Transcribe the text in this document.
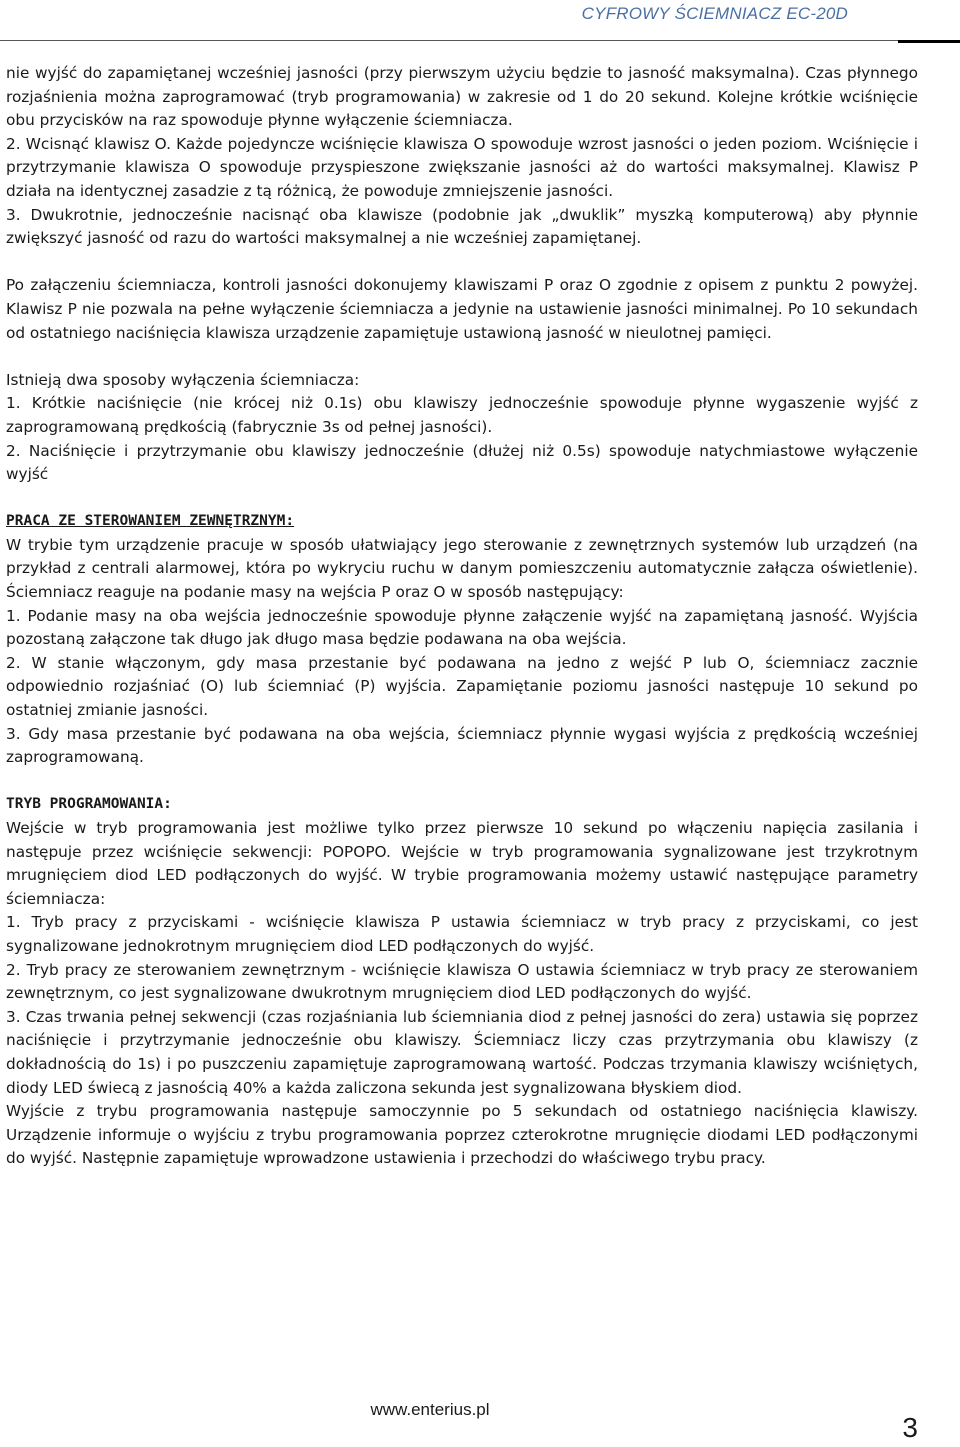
CYFROWY ŚCIEMNIACZ EC-20D

nie wyjść do zapamiętanej wcześniej jasności (przy pierwszym użyciu będzie to jasność maksymalna). Czas płynnego rozjaśnienia można zaprogramować (tryb programowania) w zakresie od 1 do 20 sekund. Kolejne krótkie wciśnięcie obu przycisków na raz spowoduje płynne wyłączenie ściemniacza.

2. Wcisnąć klawisz O. Każde pojedyncze wciśnięcie klawisza O spowoduje wzrost jasności o jeden poziom. Wciśnięcie i przytrzymanie klawisza O spowoduje przyspieszone zwiększanie jasności aż do wartości maksymalnej. Klawisz P działa na identycznej zasadzie z tą różnicą, że powoduje zmniejszenie jasności.

3. Dwukrotnie, jednocześnie nacisnąć oba klawisze (podobnie jak „dwuklik” myszką komputerową) aby płynnie zwiększyć jasność od razu do wartości maksymalnej a nie wcześniej zapamiętanej.

Po załączeniu ściemniacza, kontroli jasności dokonujemy klawiszami P oraz O zgodnie z opisem z punktu 2 powyżej. Klawisz P nie pozwala na pełne wyłączenie ściemniacza a jedynie na ustawienie jasności minimalnej. Po 10 sekundach od ostatniego naciśnięcia klawisza urządzenie zapamiętuje ustawioną jasność w nieulotnej pamięci.

Istnieją dwa sposoby wyłączenia ściemniacza:

1. Krótkie naciśnięcie (nie krócej niż 0.1s) obu klawiszy jednocześnie spowoduje płynne wygaszenie wyjść z zaprogramowaną prędkością (fabrycznie 3s od pełnej jasności).

2. Naciśnięcie i przytrzymanie obu klawiszy jednocześnie (dłużej niż 0.5s) spowoduje natychmiastowe wyłączenie wyjść

PRACA ZE STEROWANIEM ZEWNĘTRZNYM:

W trybie tym urządzenie pracuje w sposób ułatwiający jego sterowanie z zewnętrznych systemów lub urządzeń (na przykład z centrali alarmowej, która po wykryciu ruchu w danym pomieszczeniu automatycznie załącza oświetlenie). Ściemniacz reaguje na podanie masy na wejścia P oraz O w sposób następujący:

1. Podanie masy na oba wejścia jednocześnie spowoduje płynne załączenie wyjść na zapamiętaną jasność. Wyjścia pozostaną załączone tak długo jak długo masa będzie podawana na oba wejścia.

2. W stanie włączonym, gdy masa przestanie być podawana na jedno z wejść P lub O, ściemniacz zacznie odpowiednio rozjaśniać (O) lub ściemniać (P) wyjścia. Zapamiętanie poziomu jasności następuje 10 sekund po ostatniej zmianie jasności.

3. Gdy masa przestanie być podawana na oba wejścia, ściemniacz płynnie wygasi wyjścia z prędkością wcześniej zaprogramowaną.

TRYB PROGRAMOWANIA:

Wejście w tryb programowania jest możliwe tylko przez pierwsze 10 sekund po włączeniu napięcia zasilania i następuje przez wciśnięcie sekwencji: POPOPO. Wejście w tryb programowania sygnalizowane jest trzykrotnym mrugnięciem diod LED podłączonych do wyjść. W trybie programowania możemy ustawić następujące parametry ściemniacza:

1. Tryb pracy z przyciskami - wciśnięcie klawisza P ustawia ściemniacz w tryb pracy z przyciskami, co jest sygnalizowane jednokrotnym mrugnięciem diod LED podłączonych do wyjść.

2. Tryb pracy ze sterowaniem zewnętrznym - wciśnięcie klawisza O ustawia ściemniacz w tryb pracy ze sterowaniem zewnętrznym, co jest sygnalizowane dwukrotnym mrugnięciem diod LED podłączonych do wyjść.

3. Czas trwania pełnej sekwencji (czas rozjaśniania lub ściemniania diod z pełnej jasności do zera) ustawia się poprzez naciśnięcie i przytrzymanie jednocześnie obu klawiszy. Ściemniacz liczy czas przytrzymania obu klawiszy (z dokładnością do 1s) i po puszczeniu zapamiętuje zaprogramowaną wartość. Podczas trzymania klawiszy wciśniętych, diody LED świecą z jasnością 40% a każda zaliczona sekunda jest sygnalizowana błyskiem diod.

Wyjście z trybu programowania następuje samoczynnie po 5 sekundach od ostatniego naciśnięcia klawiszy. Urządzenie informuje o wyjściu z trybu programowania poprzez czterokrotne mrugnięcie diodami LED podłączonymi do wyjść. Następnie zapamiętuje wprowadzone ustawienia i przechodzi do właściwego trybu pracy.

www.enterius.pl
3
